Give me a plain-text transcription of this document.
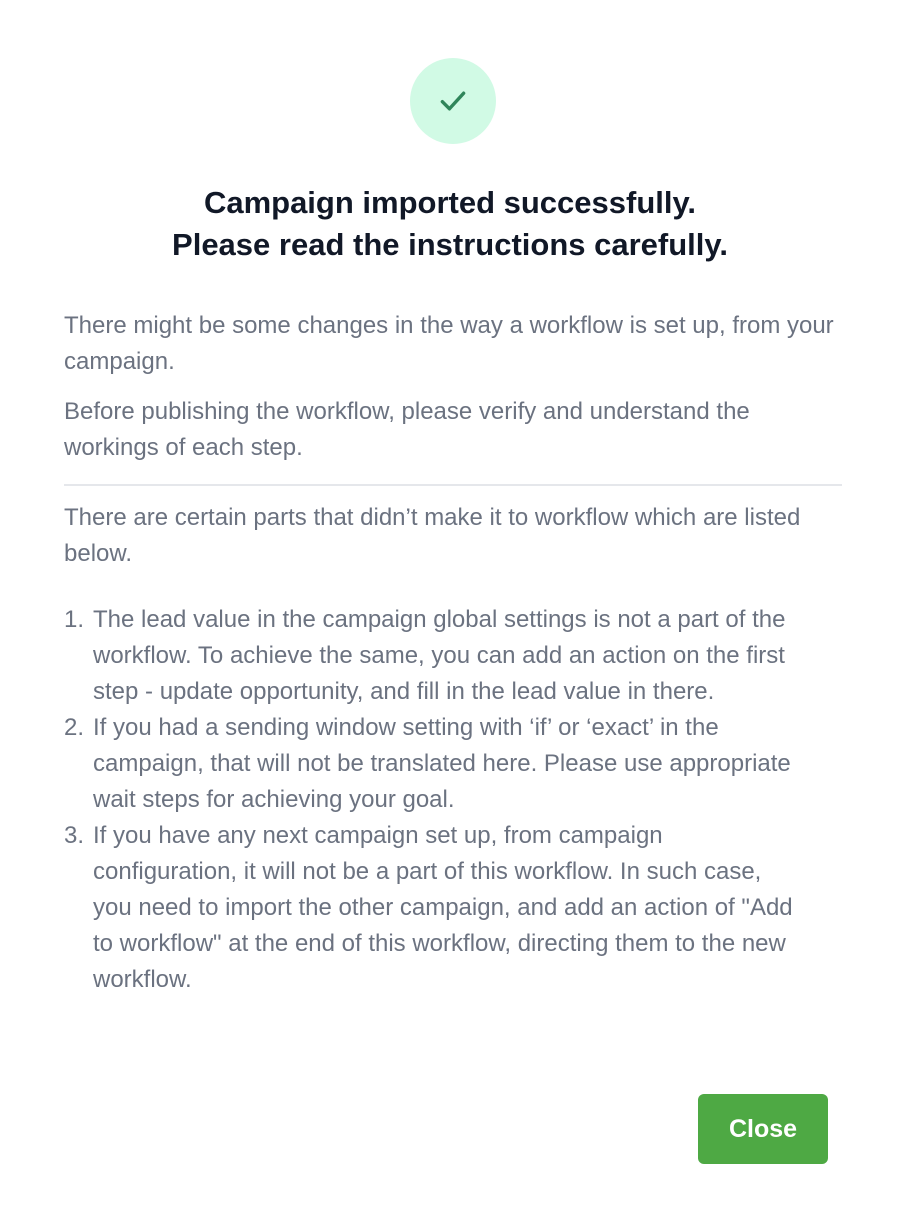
Campaign imported successfully.
Please read the instructions carefully.

There might be some changes in the way a workflow is set up, from your campaign.

Before publishing the workflow, please verify and understand the workings of each step.

There are certain parts that didn’t make it to workflow which are listed below.

1. The lead value in the campaign global settings is not a part of the workflow. To achieve the same, you can add an action on the first step - update opportunity, and fill in the lead value in there.
2. If you had a sending window setting with ‘if’ or ‘exact’ in the campaign, that will not be translated here. Please use appropriate wait steps for achieving your goal.
3. If you have any next campaign set up, from campaign configuration, it will not be a part of this workflow. In such case, you need to import the other campaign, and add an action of "Add to workflow" at the end of this workflow, directing them to the new workflow.
Close
